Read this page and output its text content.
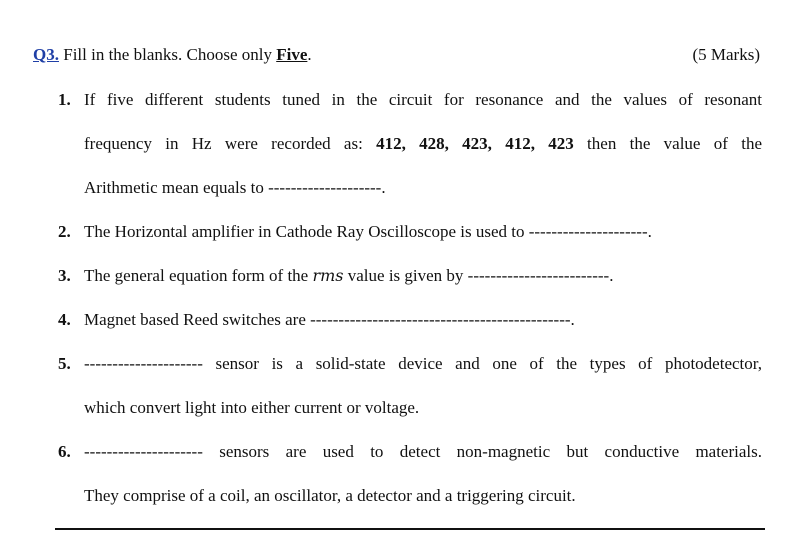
Q3. Fill in the blanks. Choose only Five.	(5 Marks)
1. If five different students tuned in the circuit for resonance and the values of resonant
frequency in Hz were recorded as: 412, 428, 423, 412, 423 then the value of the
Arithmetic mean equals to --------------------.
2. The Horizontal amplifier in Cathode Ray Oscilloscope is used to ---------------------.
3. The general equation form of the rms value is given by -------------------------.
4. Magnet based Reed switches are ----------------------------------------------.
5. --------------------- sensor is a solid-state device and one of the types of photodetector,
which convert light into either current or voltage.
6. --------------------- sensors are used to detect non-magnetic but conductive materials.
They comprise of a coil, an oscillator, a detector and a triggering circuit.
